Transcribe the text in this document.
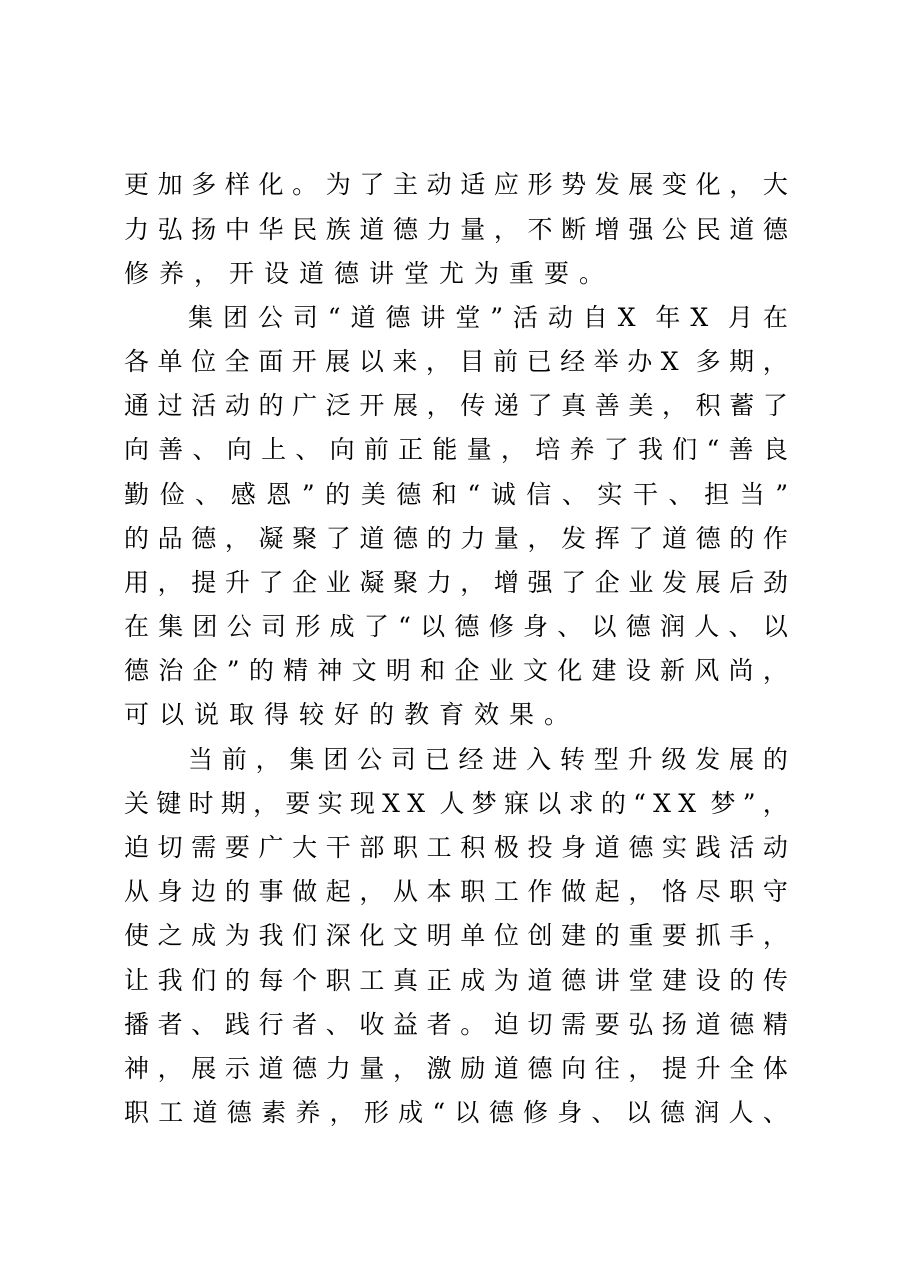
更 加 多 样 化 。 为 了 主 动 适 应 形 势 发 展 变 化 ， 大
力 弘 扬 中 华 民 族 道 德 力 量 ， 不 断 增 强 公 民 道 德
修养，开设道德讲堂尤为重要。
集 团 公 司 “ 道 德 讲 堂 ” 活 动 自 X 年 X 月 在
各 单 位 全 面 开 展 以 来 ， 目 前 已 经 举 办 X 多 期 ，
通 过 活 动 的 广 泛 开 展 ， 传 递 了 真 善 美 ， 积 蓄 了
向 善 、 向 上 、 向 前 正 能 量 ， 培 养 了 我 们 “ 善 良
勤 俭 、 感 恩 ” 的 美 德 和 “ 诚 信 、 实 干 、 担 当 ”
的 品 德 ， 凝 聚 了 道 德 的 力 量 ， 发 挥 了 道 德 的 作
用 ， 提 升 了 企 业 凝 聚 力 ， 增 强 了 企 业 发 展 后 劲
在 集 团 公 司 形 成 了 “ 以 德 修 身 、 以 德 润 人 、 以
德 治 企 ” 的 精 神 文 明 和 企 业 文 化 建 设 新 风 尚 ，
可以说取得较好的教育效果。
当 前 ， 集 团 公 司 已 经 进 入 转 型 升 级 发 展 的
关 键 时 期 ， 要 实 现 X X 人 梦 寐 以 求 的 “ X X 梦 ” ，
迫 切 需 要 广 大 干 部 职 工 积 极 投 身 道 德 实 践 活 动
从 身 边 的 事 做 起 ， 从 本 职 工 作 做 起 ， 恪 尽 职 守
使 之 成 为 我 们 深 化 文 明 单 位 创 建 的 重 要 抓 手 ，
让 我 们 的 每 个 职 工 真 正 成 为 道 德 讲 堂 建 设 的 传
播 者 、 践 行 者 、 收 益 者 。 迫 切 需 要 弘 扬 道 德 精
神 ， 展 示 道 德 力 量 ， 激 励 道 德 向 往 ， 提 升 全 体
职 工 道 德 素 养 ， 形 成 “ 以 德 修 身 、 以 德 润 人 、
